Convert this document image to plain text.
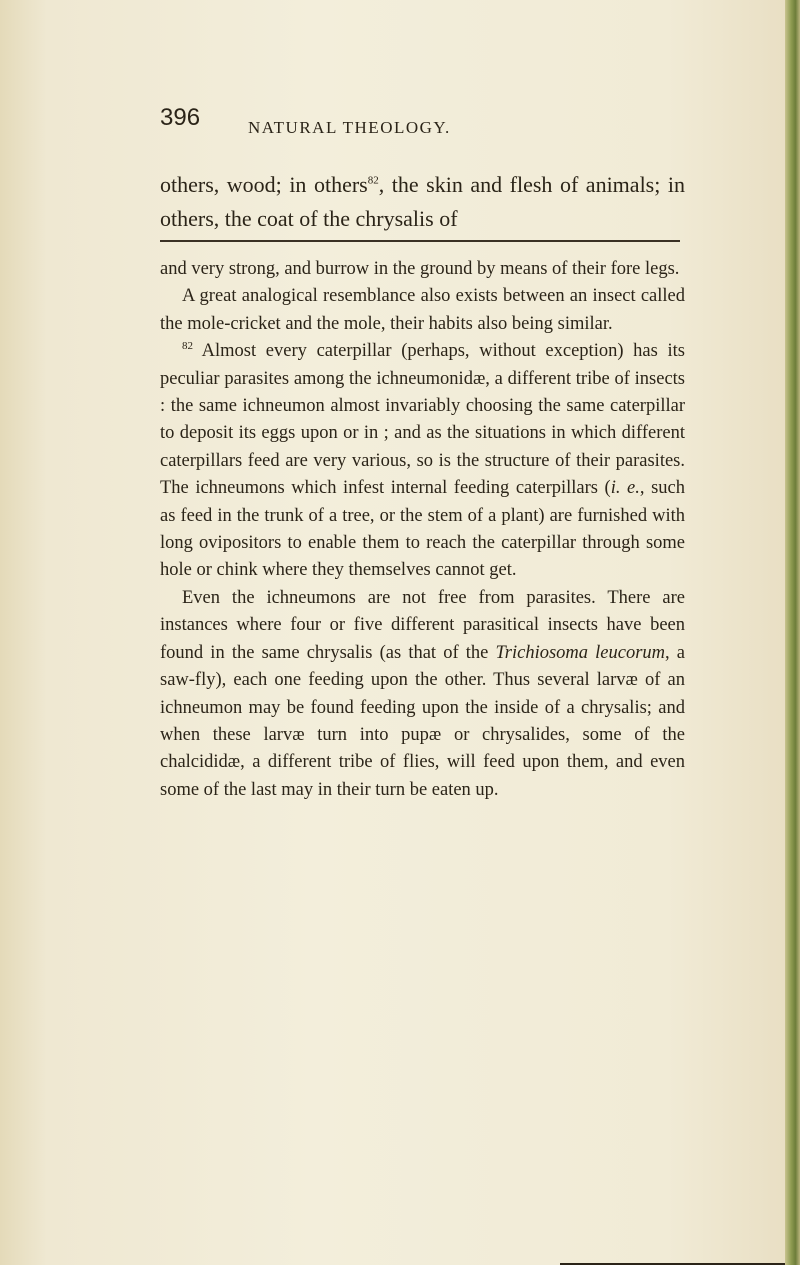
396	NATURAL THEOLOGY.

others, wood; in others$^{82}$, the skin and flesh of animals; in others, the coat of the chrysalis of

and very strong, and burrow in the ground by means of their fore legs.

A great analogical resemblance also exists between an insect called the mole-cricket and the mole, their habits also being similar.

$^{82}$ Almost every caterpillar (perhaps, without exception) has its peculiar parasites among the ichneumonidæ, a different tribe of insects : the same ichneumon almost invariably choosing the same caterpillar to deposit its eggs upon or in ; and as the situations in which different caterpillars feed are very various, so is the structure of their parasites. The ichneumons which infest internal feeding caterpillars (i. e., such as feed in the trunk of a tree, or the stem of a plant) are furnished with long ovipositors to enable them to reach the caterpillar through some hole or chink where they themselves cannot get.

Even the ichneumons are not free from parasites. There are instances where four or five different parasitical insects have been found in the same chrysalis (as that of the Trichiosoma leucorum, a saw-fly), each one feeding upon the other. Thus several larvæ of an ichneumon may be found feeding upon the inside of a chrysalis; and when these larvæ turn into pupæ or chrysalides, some of the chalcididæ, a different tribe of flies, will feed upon them, and even some of the last may in their turn be eaten up.
